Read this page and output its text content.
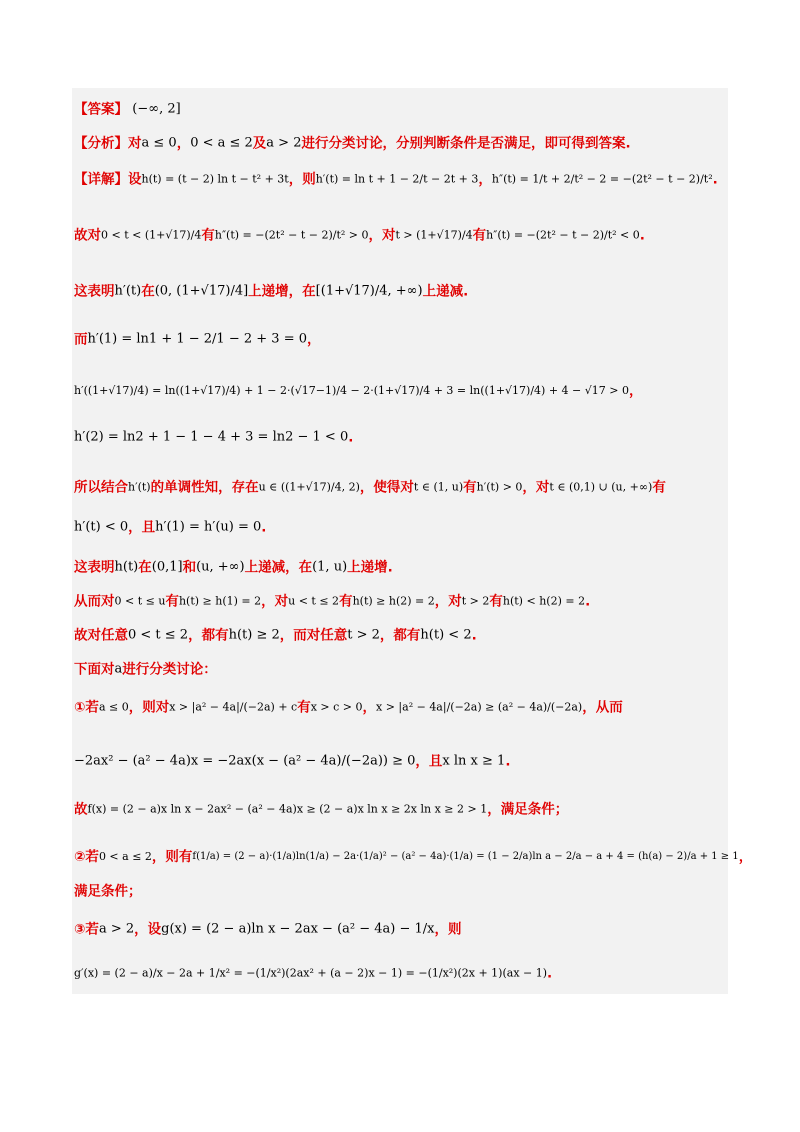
【答案】 (−∞, 2]
【分析】对a ≤ 0，0 < a ≤ 2及a > 2进行分类讨论，分别判断条件是否满足，即可得到答案.
【详解】设h(t) = (t − 2) ln t − t² + 3t，则h′(t) = ln t + 1 − 2/t − 2t + 3，h″(t) = 1/t + 2/t² − 2 = −(2t² − t − 2)/t².
故对0 < t < (1+√17)/4有h″(t) = −(2t² − t − 2)/t² > 0，对t > (1+√17)/4有h″(t) = −(2t² − t − 2)/t² < 0.
这表明h′(t)在(0, (1+√17)/4]上递增，在[(1+√17)/4, +∞)上递减.
而h′(1) = ln1 + 1 − 2/1 − 2 + 3 = 0，
h′((1+√17)/4) = ln((1+√17)/4) + 1 − 2·(√17−1)/4 − 2·(1+√17)/4 + 3 = ln((1+√17)/4) + 4 − √17 > 0，
h′(2) = ln2 + 1 − 1 − 4 + 3 = ln2 − 1 < 0.
所以结合h′(t)的单调性知，存在u ∈ ((1+√17)/4, 2)，使得对t ∈ (1, u)有h′(t) > 0，对t ∈ (0,1) ∪ (u, +∞)有
h′(t) < 0，且h′(1) = h′(u) = 0.
这表明h(t)在(0,1]和(u, +∞)上递减，在(1, u)上递增.
从而对0 < t ≤ u有h(t) ≥ h(1) = 2，对u < t ≤ 2有h(t) ≥ h(2) = 2，对t > 2有h(t) < h(2) = 2.
故对任意0 < t ≤ 2，都有h(t) ≥ 2，而对任意t > 2，都有h(t) < 2.
下面对a进行分类讨论：
①若a ≤ 0，则对x > |a² − 4a|/(−2a) + c有x > c > 0，x > |a² − 4a|/(−2a) ≥ (a² − 4a)/(−2a)，从而
−2ax² − (a² − 4a)x = −2ax(x − (a² − 4a)/(−2a)) ≥ 0，且x ln x ≥ 1.
故f(x) = (2 − a)x ln x − 2ax² − (a² − 4a)x ≥ (2 − a)x ln x ≥ 2x ln x ≥ 2 > 1，满足条件；
②若0 < a ≤ 2，则有f(1/a) = (2 − a)·(1/a)ln(1/a) − 2a·(1/a)² − (a² − 4a)·(1/a) = (1 − 2/a)ln a − 2/a − a + 4 = (h(a) − 2)/a + 1 ≥ 1，
满足条件；
③若a > 2，设g(x) = (2 − a)ln x − 2ax − (a² − 4a) − 1/x，则
g′(x) = (2 − a)/x − 2a + 1/x² = −(1/x²)(2ax² + (a − 2)x − 1) = −(1/x²)(2x + 1)(ax − 1).
